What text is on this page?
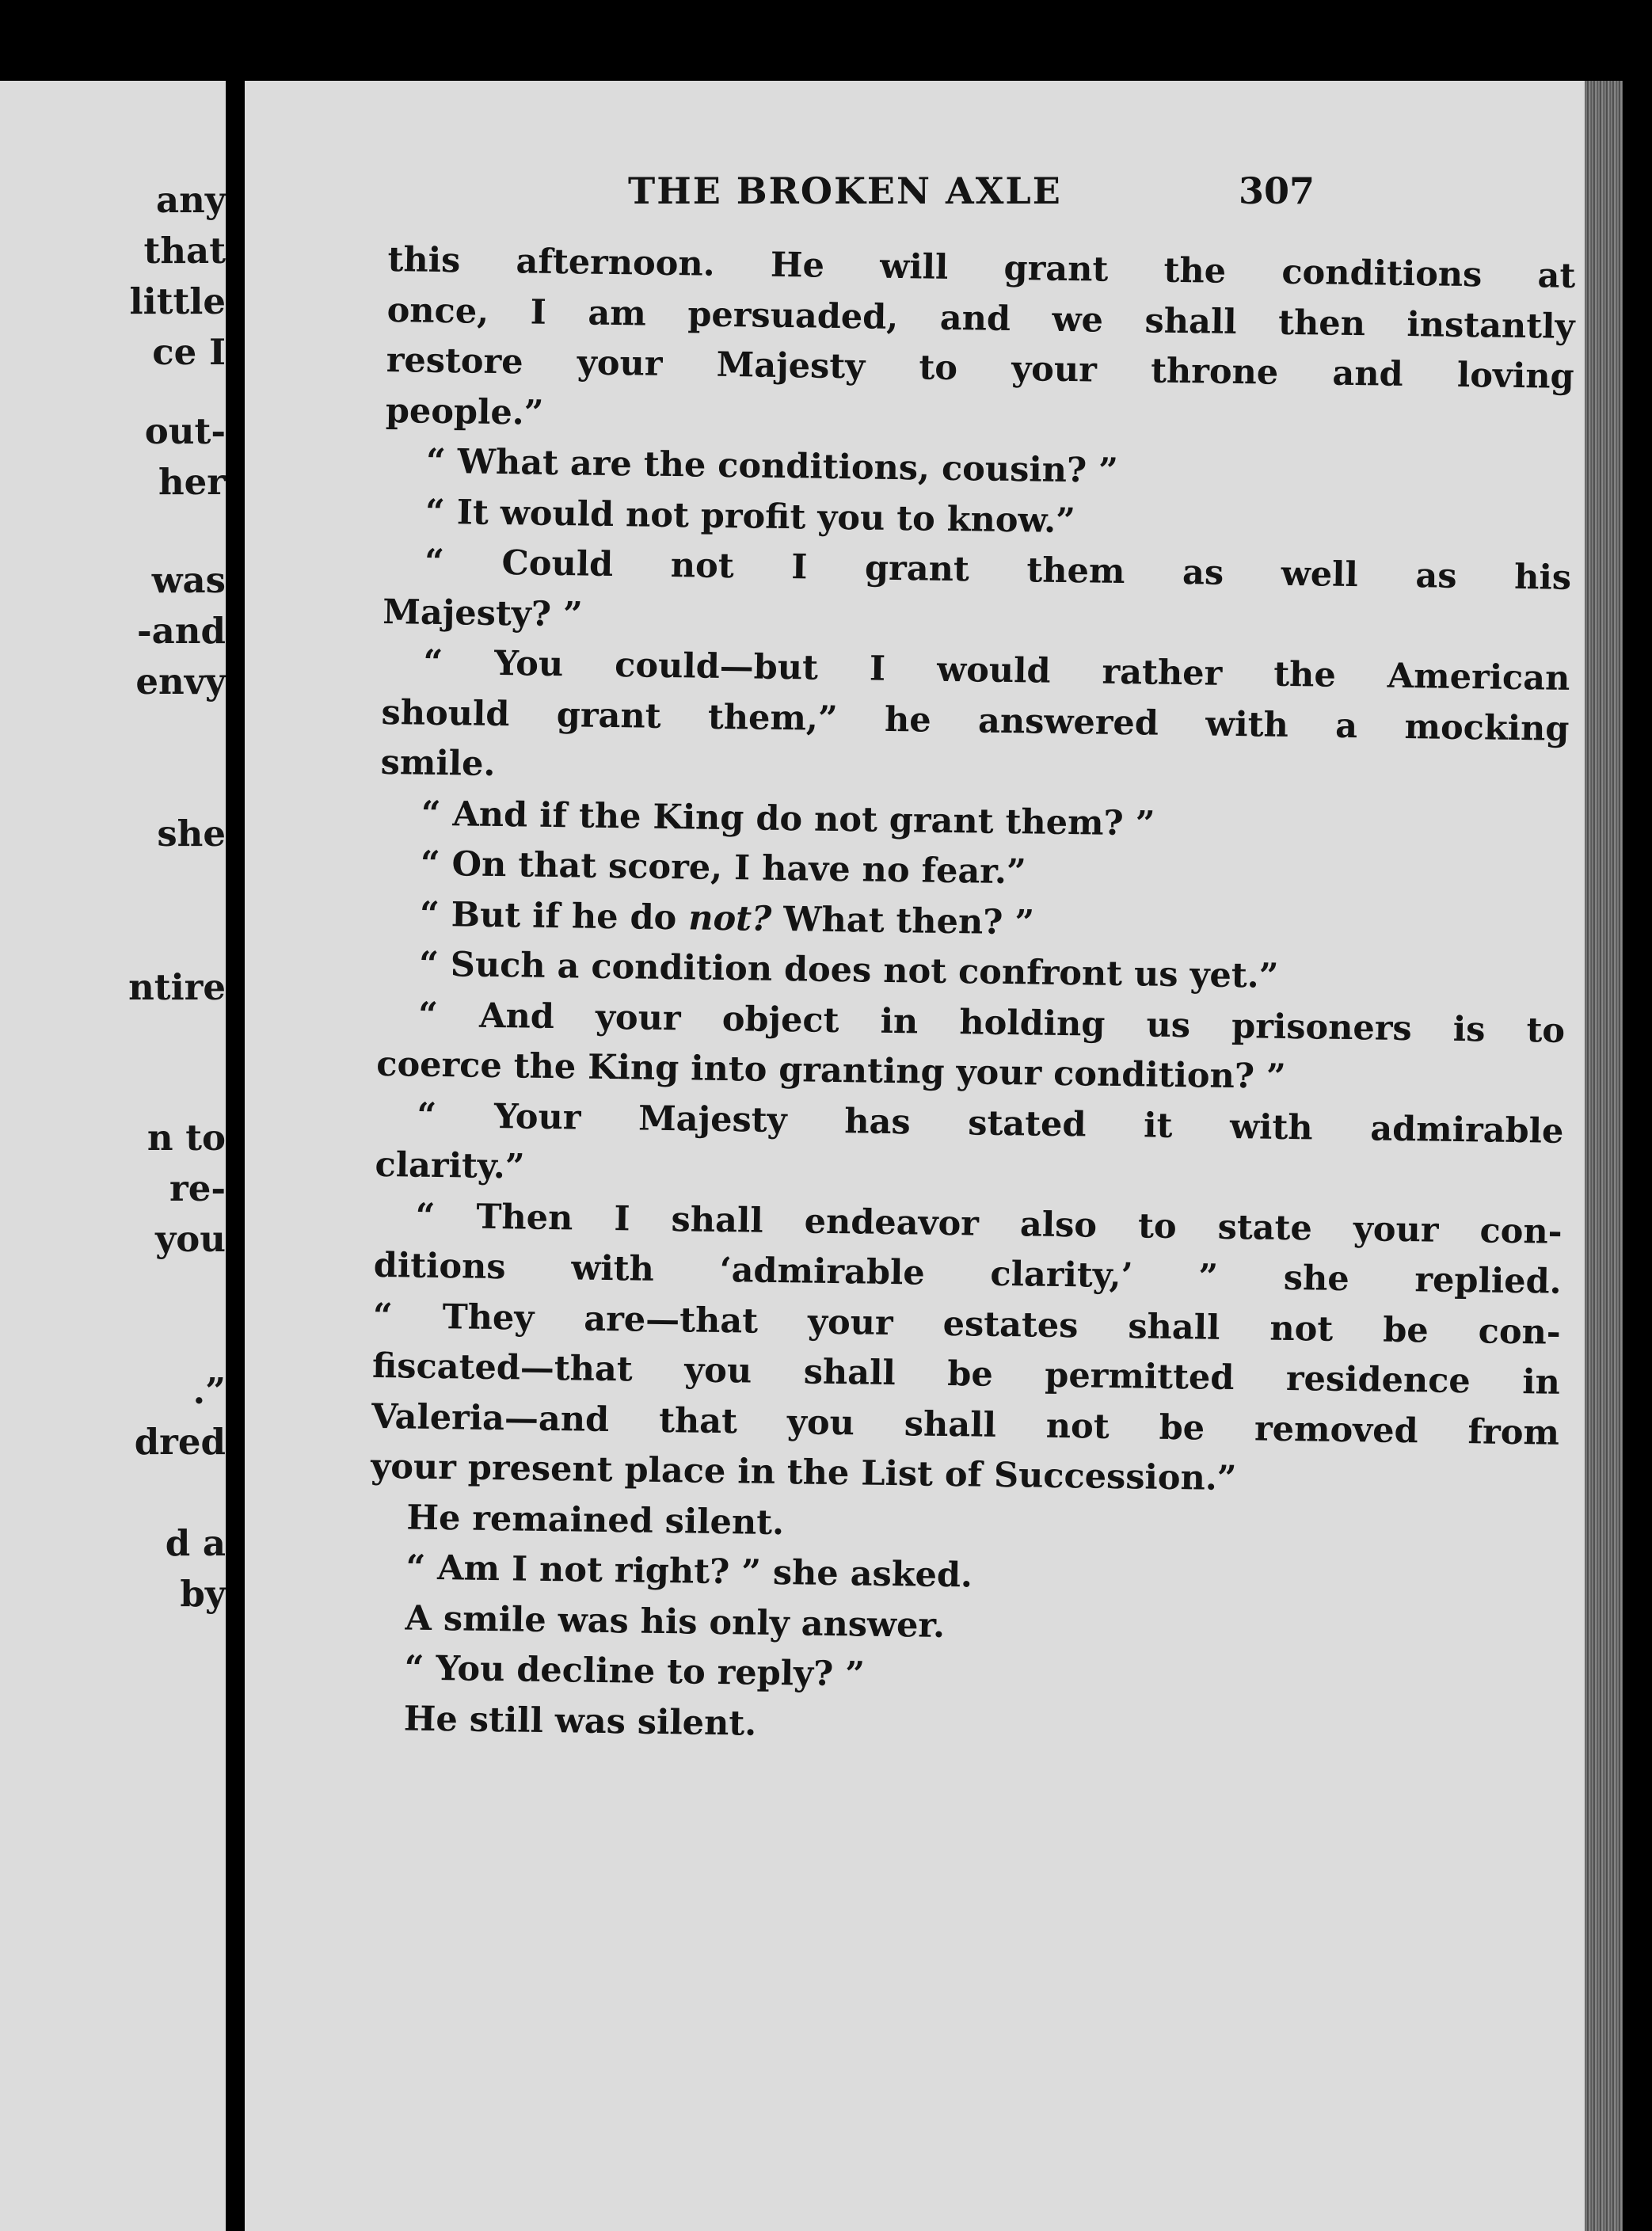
any
that
little
ce I
out-
her
was
-and
envy
she
ntire
n to
re-
you
.”
dred
d a
by
THE BROKEN AXLE	307
this afternoon. He will grant the conditions at
once, I am persuaded, and we shall then instantly
restore your Majesty to your throne and loving
people.”
“ What are the conditions, cousin? ”
“ It would not profit you to know.”
“ Could not I grant them as well as his
Majesty? ”
“ You could—but I would rather the American
should grant them,” he answered with a mocking
smile.
“ And if the King do not grant them? ”
“ On that score, I have no fear.”
“ But if he do not? What then? ”
“ Such a condition does not confront us yet.”
“ And your object in holding us prisoners is to
coerce the King into granting your condition? ”
“ Your Majesty has stated it with admirable
clarity.”
“ Then I shall endeavor also to state your con-
ditions with ‘admirable clarity,’ ” she replied.
“ They are—that your estates shall not be con-
fiscated—that you shall be permitted residence in
Valeria—and that you shall not be removed from
your present place in the List of Succession.”
He remained silent.
“ Am I not right? ” she asked.
A smile was his only answer.
“ You decline to reply? ”
He still was silent.
